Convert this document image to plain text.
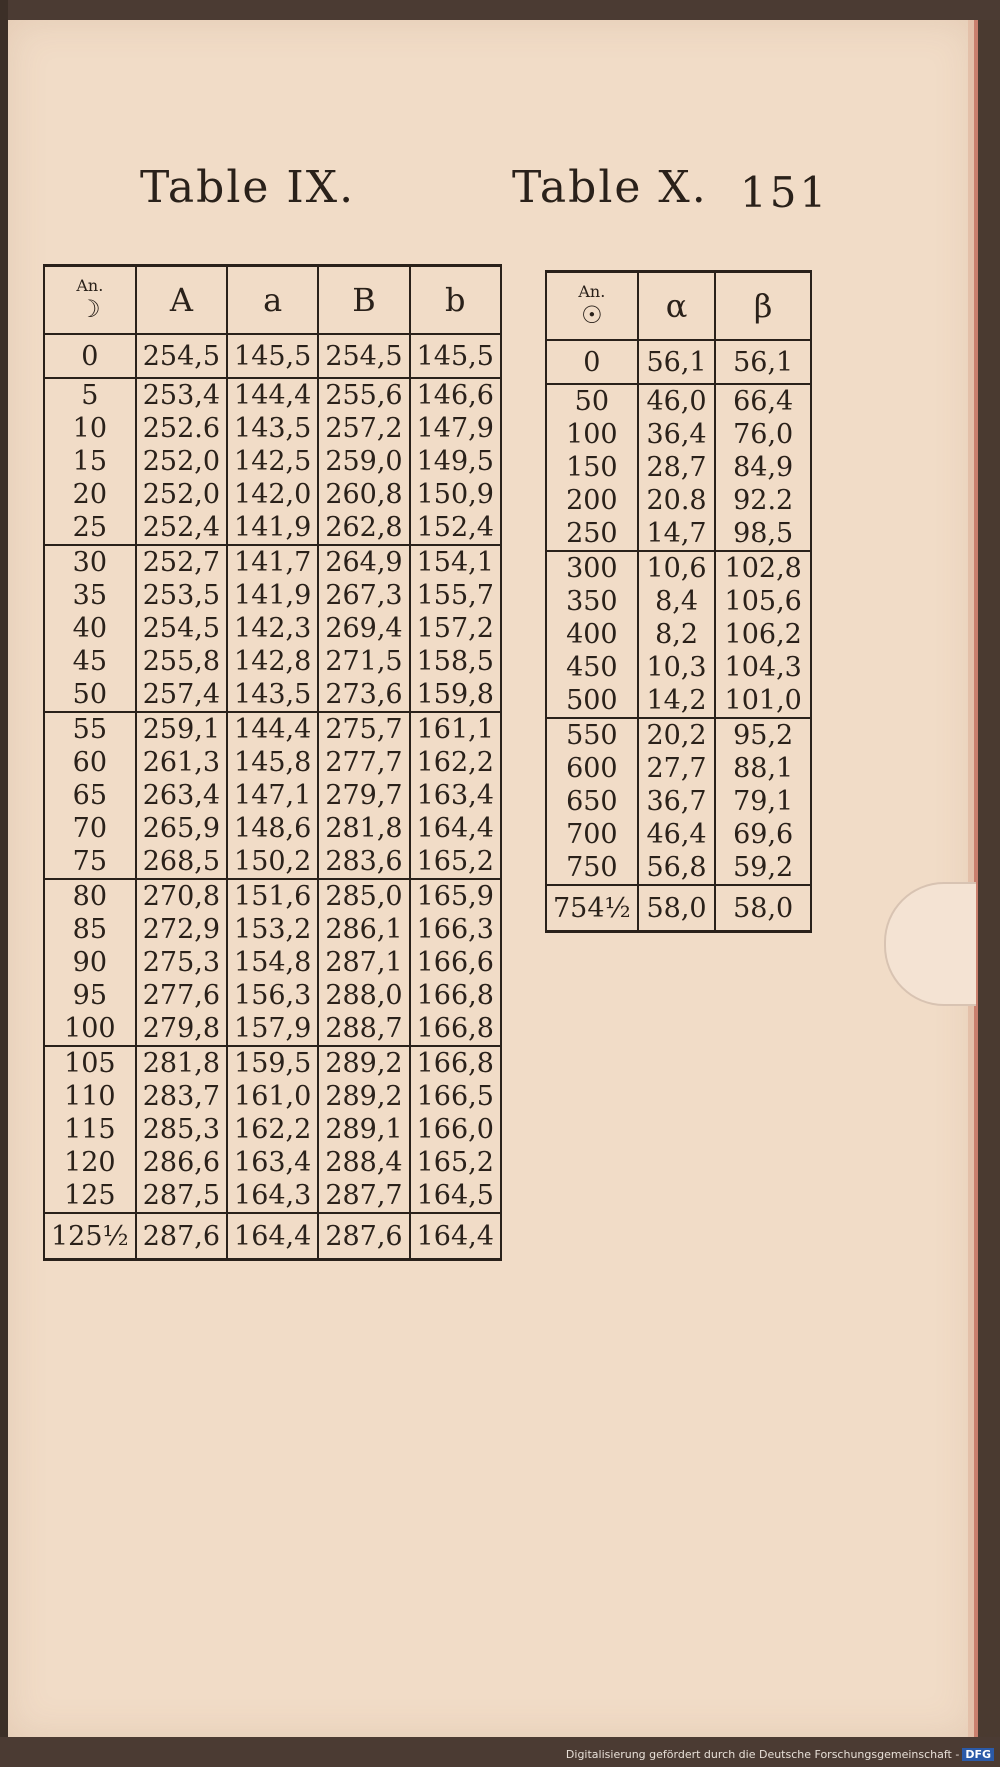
Table IX.	Table X. 151
An.
☽	A	a	B	b
0	254,5	145,5	254,5	145,5
5	253,4	144,4	255,6	146,6
10	252.6	143,5	257,2	147,9
15	252,0	142,5	259,0	149,5
20	252,0	142,0	260,8	150,9
25	252,4	141,9	262,8	152,4
30	252,7	141,7	264,9	154,1
35	253,5	141,9	267,3	155,7
40	254,5	142,3	269,4	157,2
45	255,8	142,8	271,5	158,5
50	257,4	143,5	273,6	159,8
55	259,1	144,4	275,7	161,1
60	261,3	145,8	277,7	162,2
65	263,4	147,1	279,7	163,4
70	265,9	148,6	281,8	164,4
75	268,5	150,2	283,6	165,2
80	270,8	151,6	285,0	165,9
85	272,9	153,2	286,1	166,3
90	275,3	154,8	287,1	166,6
95	277,6	156,3	288,0	166,8
100	279,8	157,9	288,7	166,8
105	281,8	159,5	289,2	166,8
110	283,7	161,0	289,2	166,5
115	285,3	162,2	289,1	166,0
120	286,6	163,4	288,4	165,2
125	287,5	164,3	287,7	164,5
125½	287,6	164,4	287,6	164,4
An.
☉	α	β
0	56,1	56,1
50	46,0	66,4
100	36,4	76,0
150	28,7	84,9
200	20.8	92.2
250	14,7	98,5
300	10,6	102,8
350	8,4	105,6
400	8,2	106,2
450	10,3	104,3
500	14,2	101,0
550	20,2	95,2
600	27,7	88,1
650	36,7	79,1
700	46,4	69,6
750	56,8	59,2
754½	58,0	58,0
Digitalisierung gefördert durch die Deutsche Forschungsgemeinschaft - DFG
